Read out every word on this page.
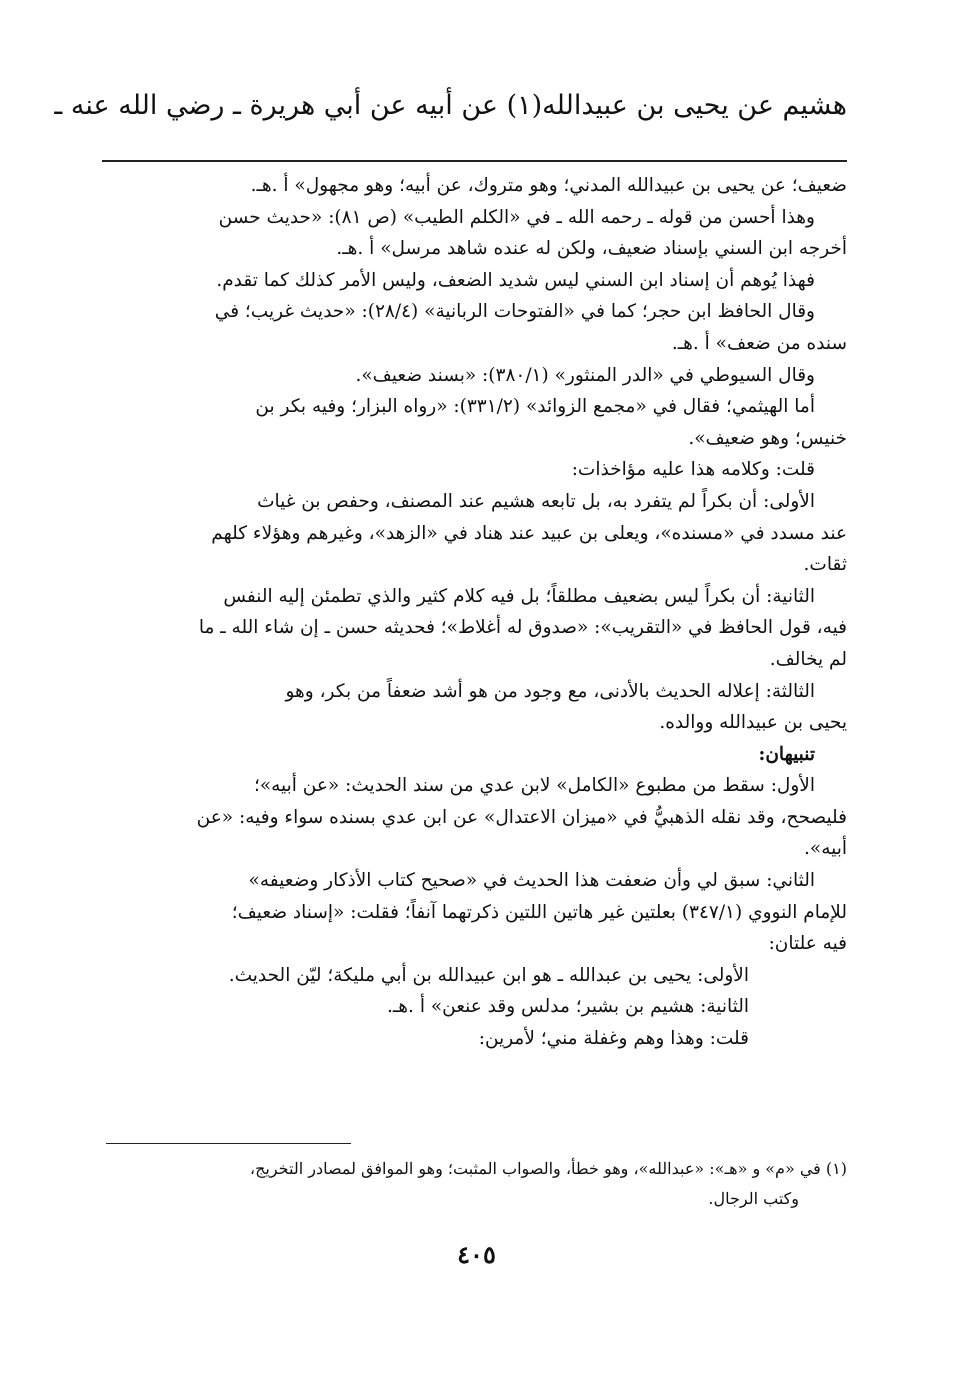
هشيم عن يحيى بن عبيدالله(١) عن أبيه عن أبي هريرة ـ رضي الله عنه ـ
ضعيف؛ عن يحيى بن عبيدالله المدني؛ وهو متروك، عن أبيه؛ وهو مجهول» أ .هـ.
وهذا أحسن من قوله ـ رحمه الله ـ في «الكلم الطيب» (ص ٨١): «حديث حسن
أخرجه ابن السني بإسناد ضعيف، ولكن له عنده شاهد مرسل» أ .هـ.
فهذا يُوهم أن إسناد ابن السني ليس شديد الضعف، وليس الأمر كذلك كما تقدم.
وقال الحافظ ابن حجر؛ كما في «الفتوحات الربانية» (٢٨/٤): «حديث غريب؛ في
سنده من ضعف» أ .هـ.
وقال السيوطي في «الدر المنثور» (٣٨٠/١): «بسند ضعيف».
أما الهيثمي؛ فقال في «مجمع الزوائد» (٣٣١/٢): «رواه البزار؛ وفيه بكر بن
خنيس؛ وهو ضعيف».
قلت: وكلامه هذا عليه مؤاخذات:
الأولى: أن بكراً لم يتفرد به، بل تابعه هشيم عند المصنف، وحفص بن غياث
عند مسدد في «مسنده»، ويعلى بن عبيد عند هناد في «الزهد»، وغيرهم وهؤلاء كلهم
ثقات.
الثانية: أن بكراً ليس بضعيف مطلقاً؛ بل فيه كلام كثير والذي تطمئن إليه النفس
فيه، قول الحافظ في «التقريب»: «صدوق له أغلاط»؛ فحديثه حسن ـ إن شاء الله ـ ما
لم يخالف.
الثالثة: إعلاله الحديث بالأدنى، مع وجود من هو أشد ضعفاً من بكر، وهو
يحيى بن عبيدالله ووالده.
تنبيهان:
الأول: سقط من مطبوع «الكامل» لابن عدي من سند الحديث: «عن أبيه»؛
فليصحح، وقد نقله الذهبيُّ في «ميزان الاعتدال» عن ابن عدي بسنده سواء وفيه: «عن
أبيه».
الثاني: سبق لي وأن ضعفت هذا الحديث في «صحيح كتاب الأذكار وضعيفه»
للإمام النووي (٣٤٧/١) بعلتين غير هاتين اللتين ذكرتهما آنفاً؛ فقلت: «إسناد ضعيف؛
فيه علتان:
الأولى: يحيى بن عبدالله ـ هو ابن عبيدالله بن أبي مليكة؛ ليّن الحديث.
الثانية: هشيم بن بشير؛ مدلس وقد عنعن» أ .هـ.
قلت: وهذا وهم وغفلة مني؛ لأمرين:
(١) في «م» و «هـ»: «عبدالله»، وهو خطأ، والصواب المثبت؛ وهو الموافق لمصادر التخريج،
وكتب الرجال.
٤٠٥
